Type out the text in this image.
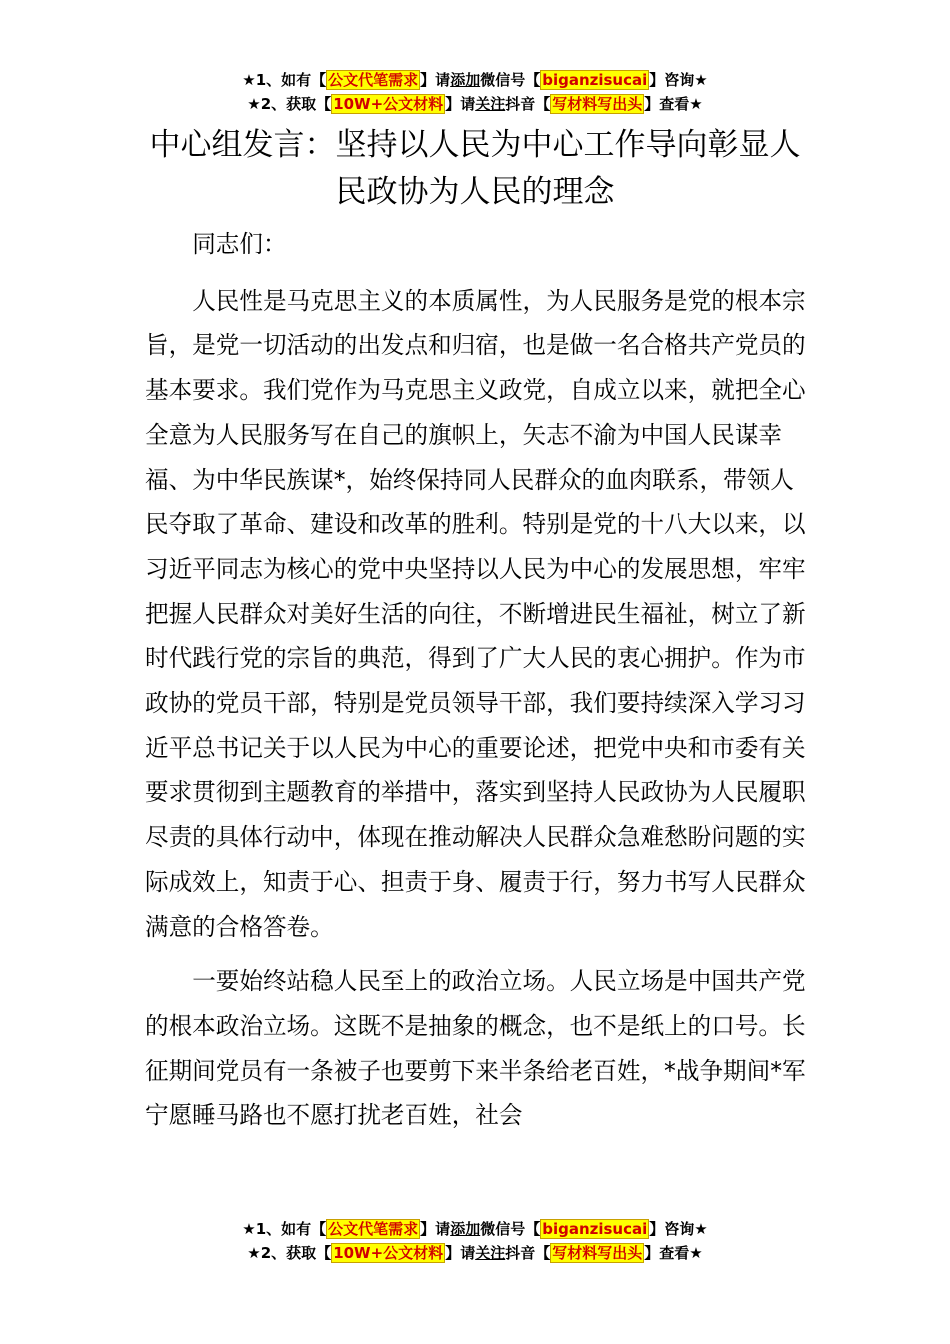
★1、如有【 公文代笔需求 】请添加微信号【 biganzisucai 】咨询★
★2、获取【 10W+公文材料 】请关注抖音【 写材料写出头 】查看★
中心组发言：坚持以人民为中心工作导向彰显人民政协为人民的理念

同志们：

人民性是马克思主义的本质属性，为人民服务是党的根本宗旨，是党一切活动的出发点和归宿，也是做一名合格共产党员的基本要求。我们党作为马克思主义政党，自成立以来，就把全心全意为人民服务写在自己的旗帜上，矢志不渝为中国人民谋幸福、为中华民族谋*，始终保持同人民群众的血肉联系，带领人民夺取了革命、建设和改革的胜利。特别是党的十八大以来，以习近平同志为核心的党中央坚持以人民为中心的发展思想，牢牢把握人民群众对美好生活的向往，不断增进民生福祉，树立了新时代践行党的宗旨的典范，得到了广大人民的衷心拥护。作为市政协的党员干部，特别是党员领导干部，我们要持续深入学习习近平总书记关于以人民为中心的重要论述，把党中央和市委有关要求贯彻到主题教育的举措中，落实到坚持人民政协为人民履职尽责的具体行动中，体现在推动解决人民群众急难愁盼问题的实际成效上，知责于心、担责于身、履责于行，努力书写人民群众满意的合格答卷。

一要始终站稳人民至上的政治立场。人民立场是中国共产党的根本政治立场。这既不是抽象的概念，也不是纸上的口号。长征期间党员有一条被子也要剪下来半条给老百姓，*战争期间*军宁愿睡马路也不愿打扰老百姓，社会

★1、如有【 公文代笔需求 】请添加微信号【 biganzisucai 】咨询★
★2、获取【 10W+公文材料 】请关注抖音【 写材料写出头 】查看★
